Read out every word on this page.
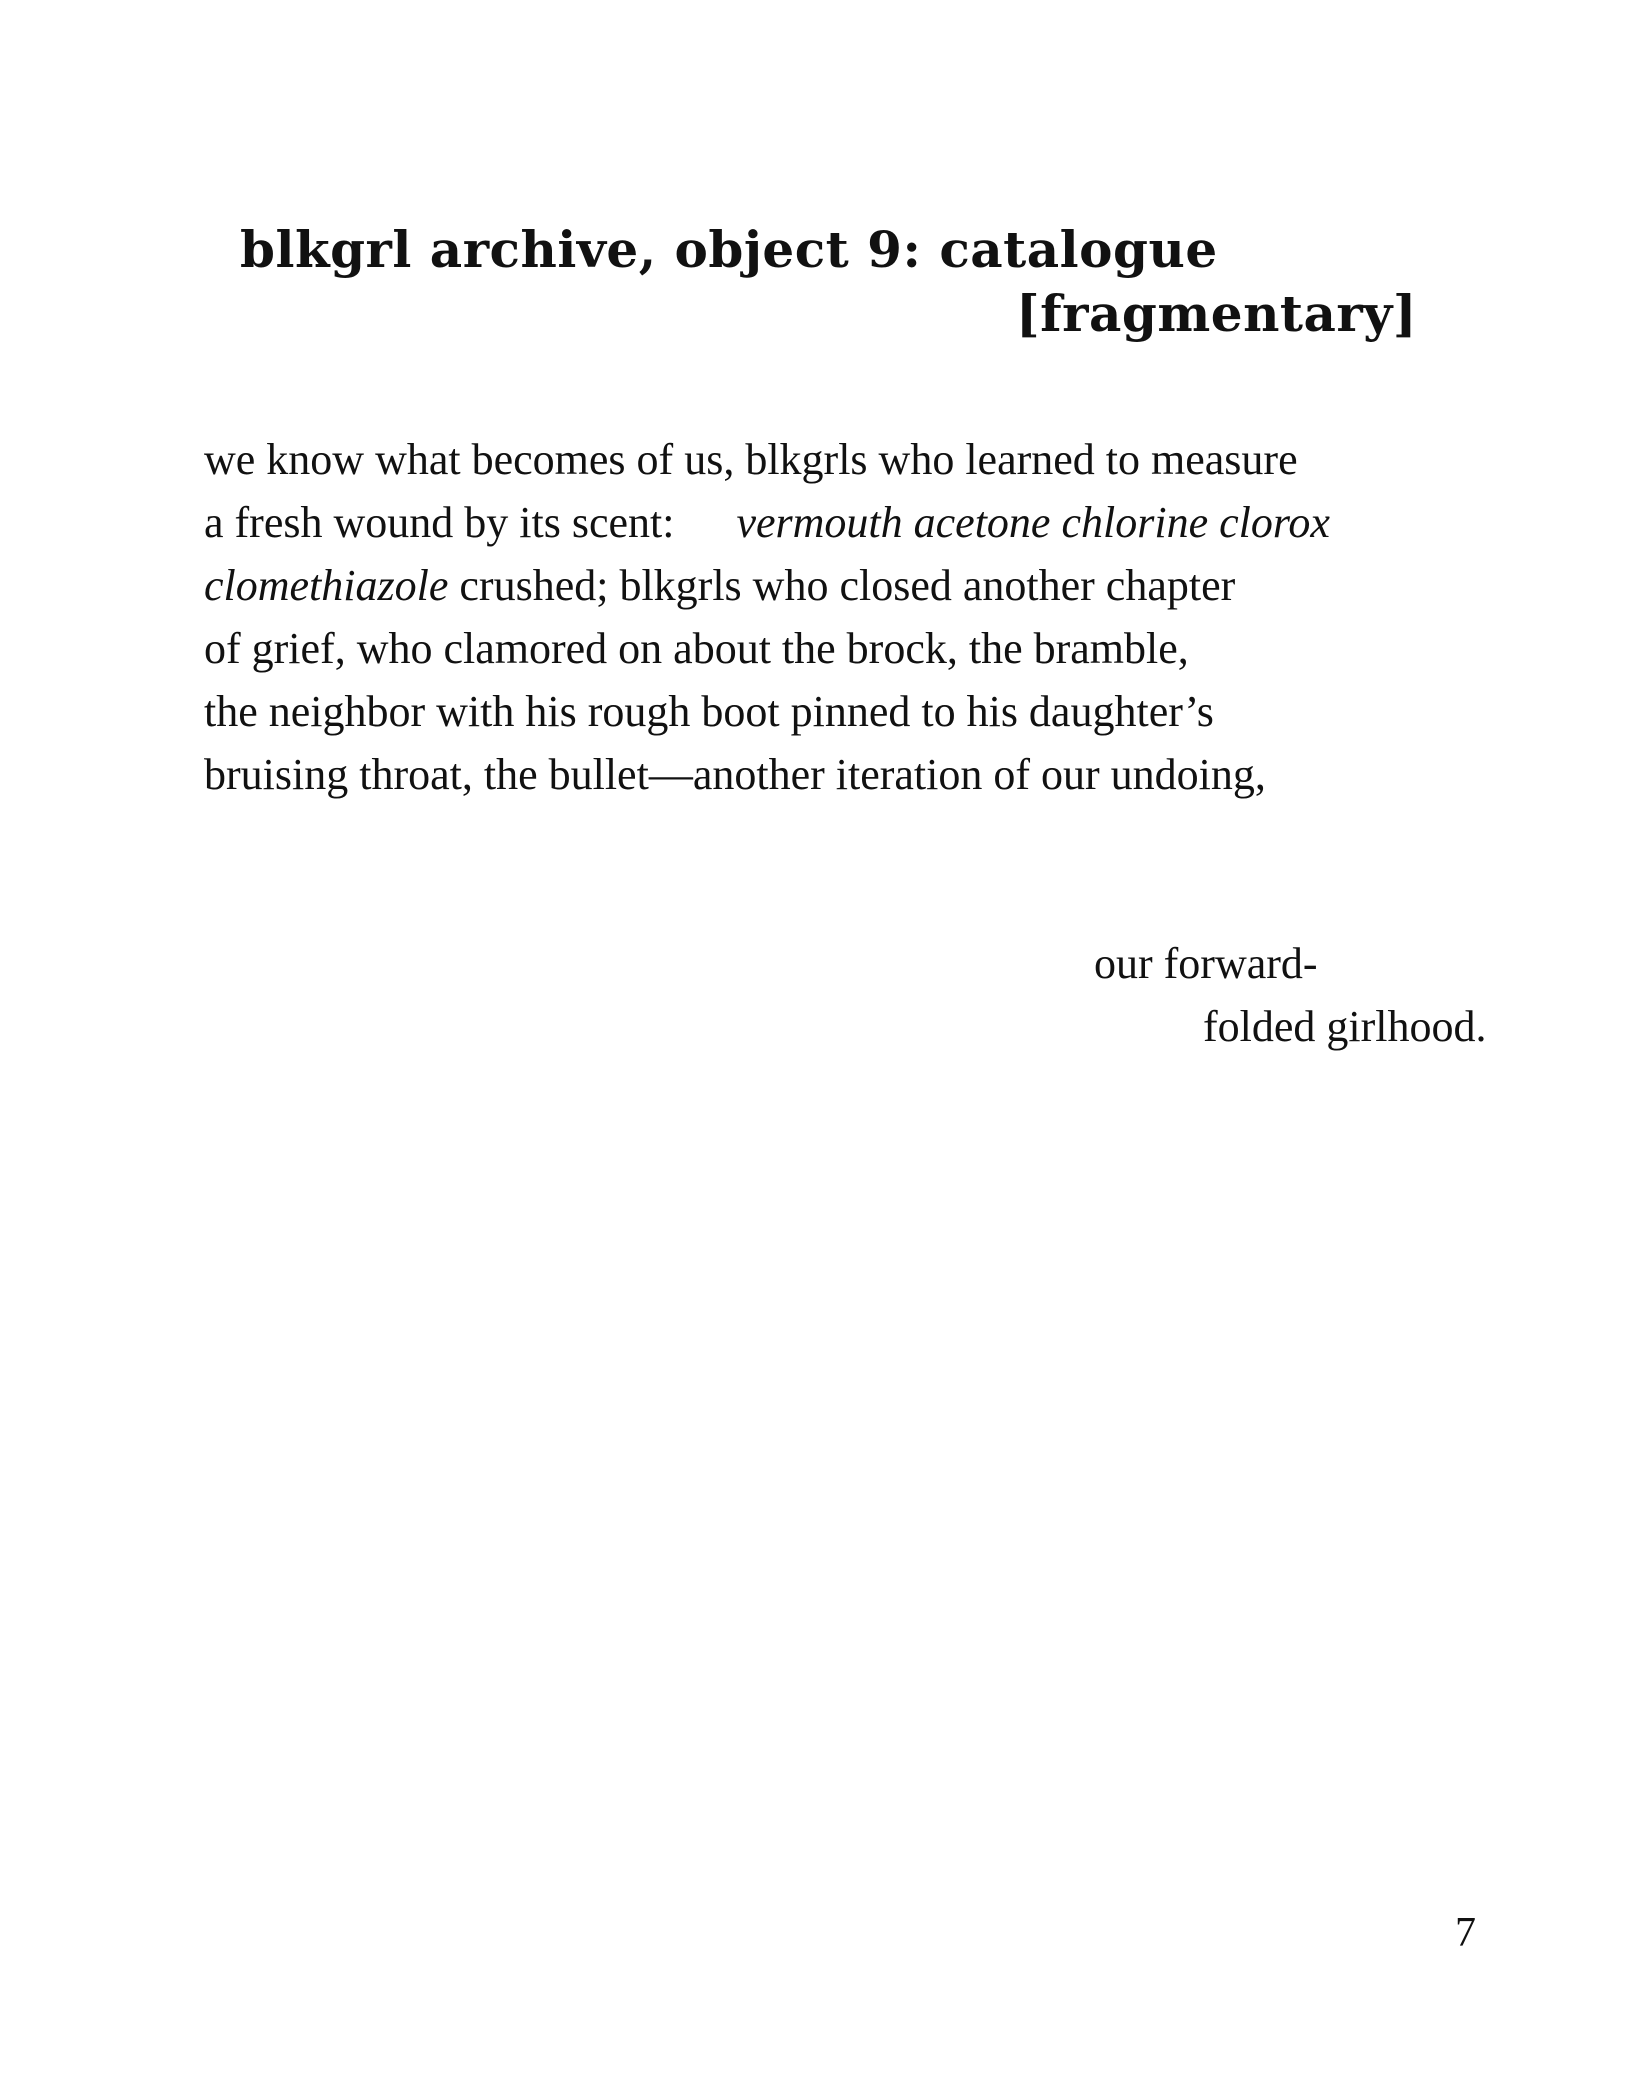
blkgrl archive, object 9: catalogue
[fragmentary]
we know what becomes of us, blkgrls who learned to measure
a fresh wound by its scent: vermouth acetone chlorine clorox
clomethiazole crushed; blkgrls who closed another chapter
of grief, who clamored on about the brock, the bramble,
the neighbor with his rough boot pinned to his daughter’s
bruising throat, the bullet—another iteration of our undoing,
our forward-
folded girlhood.
7
